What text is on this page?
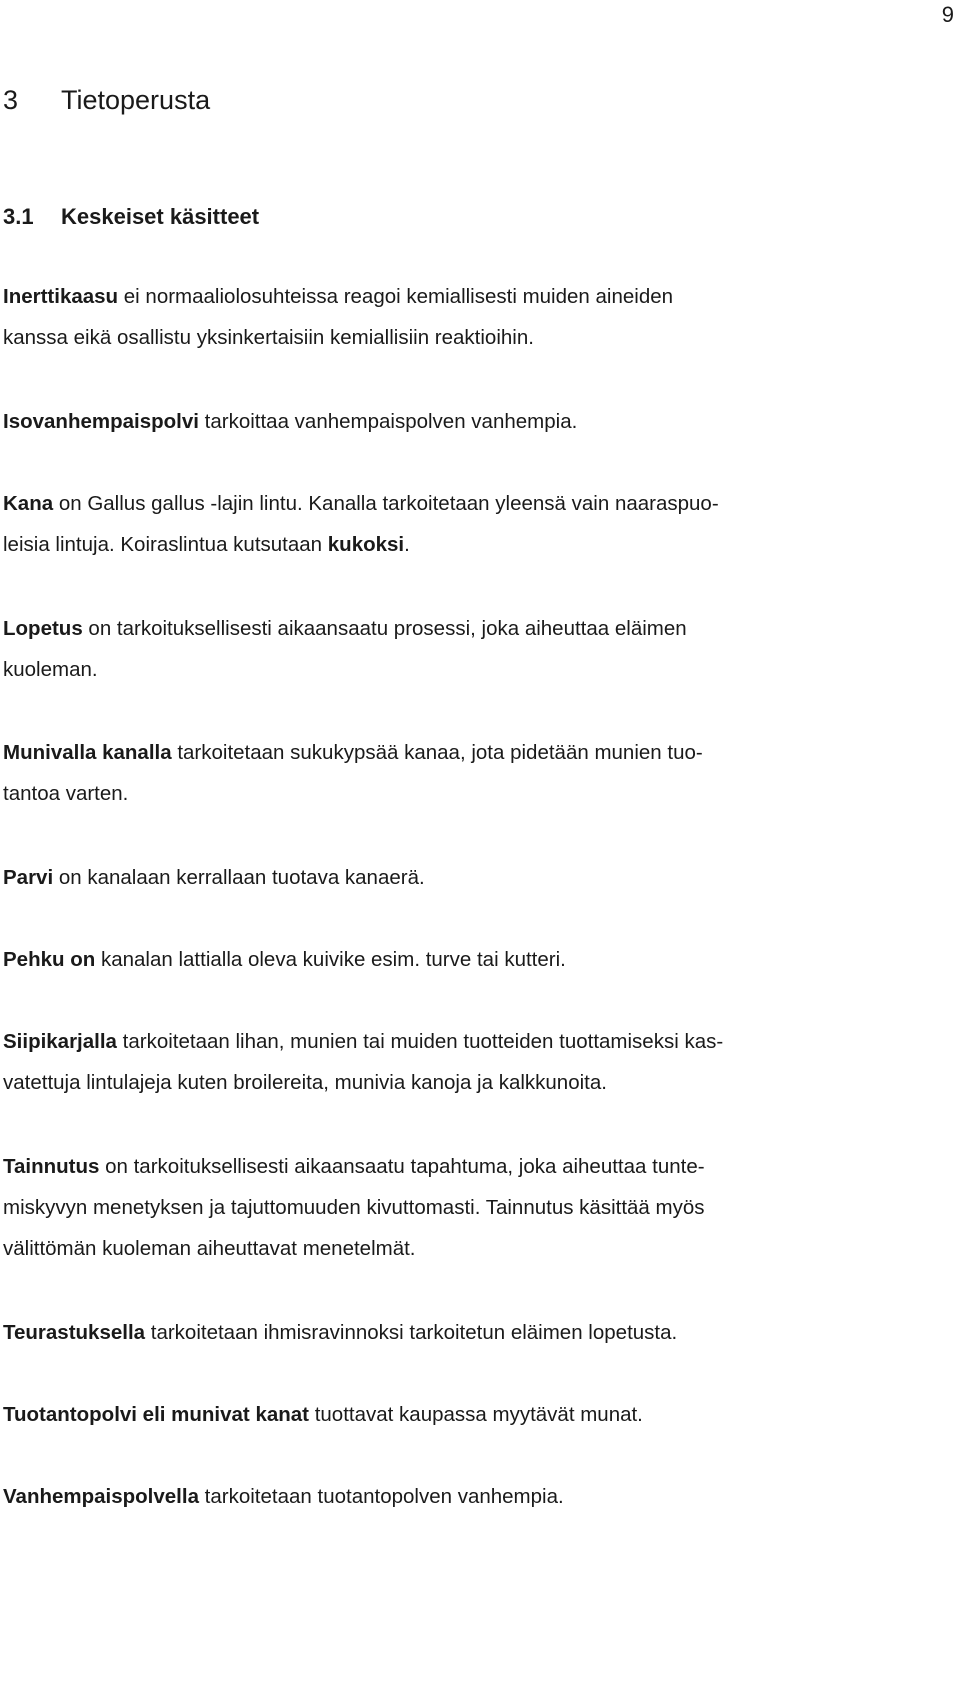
9
3 Tietoperusta
3.1 Keskeiset käsitteet

Inerttikaasu ei normaaliolosuhteissa reagoi kemiallisesti muiden aineiden
kanssa eikä osallistu yksinkertaisiin kemiallisiin reaktioihin.

Isovanhempaispolvi tarkoittaa vanhempaispolven vanhempia.

Kana on Gallus gallus -lajin lintu. Kanalla tarkoitetaan yleensä vain naaraspuo-
leisia lintuja. Koiraslintua kutsutaan kukoksi.

Lopetus on tarkoituksellisesti aikaansaatu prosessi, joka aiheuttaa eläimen
kuoleman.

Munivalla kanalla tarkoitetaan sukukypsää kanaa, jota pidetään munien tuo-
tantoa varten.

Parvi on kanalaan kerrallaan tuotava kanaerä.

Pehku on kanalan lattialla oleva kuivike esim. turve tai kutteri.

Siipikarjalla tarkoitetaan lihan, munien tai muiden tuotteiden tuottamiseksi kas-
vatettuja lintulajeja kuten broilereita, munivia kanoja ja kalkkunoita.

Tainnutus on tarkoituksellisesti aikaansaatu tapahtuma, joka aiheuttaa tunte-
miskyvyn menetyksen ja tajuttomuuden kivuttomasti. Tainnutus käsittää myös
välittömän kuoleman aiheuttavat menetelmät.

Teurastuksella tarkoitetaan ihmisravinnoksi tarkoitetun eläimen lopetusta.

Tuotantopolvi eli munivat kanat tuottavat kaupassa myytävät munat.

Vanhempaispolvella tarkoitetaan tuotantopolven vanhempia.
